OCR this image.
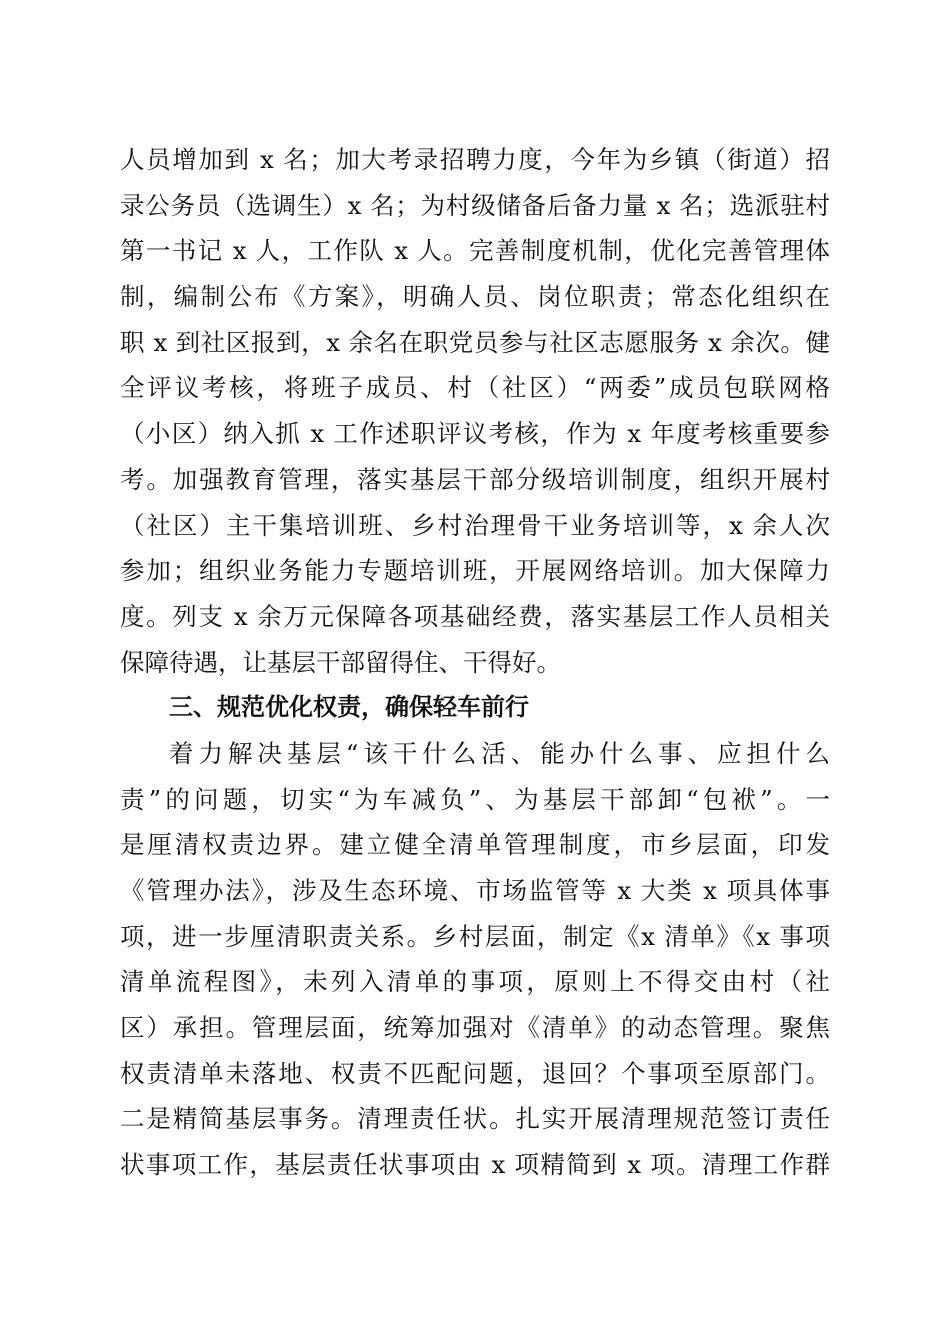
人员增加到 x 名；加大考录招聘力度，今年为乡镇（街道）招
录公务员（选调生）x 名；为村级储备后备力量 x 名；选派驻村
第一书记 x 人，工作队 x 人。完善制度机制，优化完善管理体
制，编制公布《方案》，明确人员、岗位职责；常态化组织在
职 x 到社区报到，x 余名在职党员参与社区志愿服务 x 余次。健
全评议考核，将班子成员、村（社区）“两委”成员包联网格
（小区）纳入抓 x 工作述职评议考核，作为 x 年度考核重要参
考。加强教育管理，落实基层干部分级培训制度，组织开展村
（社区）主干集培训班、乡村治理骨干业务培训等，x 余人次
参加；组织业务能力专题培训班，开展网络培训。加大保障力
度。列支 x 余万元保障各项基础经费，落实基层工作人员相关
保障待遇，让基层干部留得住、干得好。
三、规范优化权责，确保轻车前行
着力解决基层“该干什么活、能办什么事、应担什么
责”的问题，切实“为车减负”、为基层干部卸“包袱”。一
是厘清权责边界。建立健全清单管理制度，市乡层面，印发
《管理办法》，涉及生态环境、市场监管等 x 大类 x 项具体事
项，进一步厘清职责关系。乡村层面，制定《x 清单》《x 事项
清单流程图》，未列入清单的事项，原则上不得交由村（社
区）承担。管理层面，统筹加强对《清单》的动态管理。聚焦
权责清单未落地、权责不匹配问题，退回？个事项至原部门。
二是精简基层事务。清理责任状。扎实开展清理规范签订责任
状事项工作，基层责任状事项由 x 项精简到 x 项。清理工作群
